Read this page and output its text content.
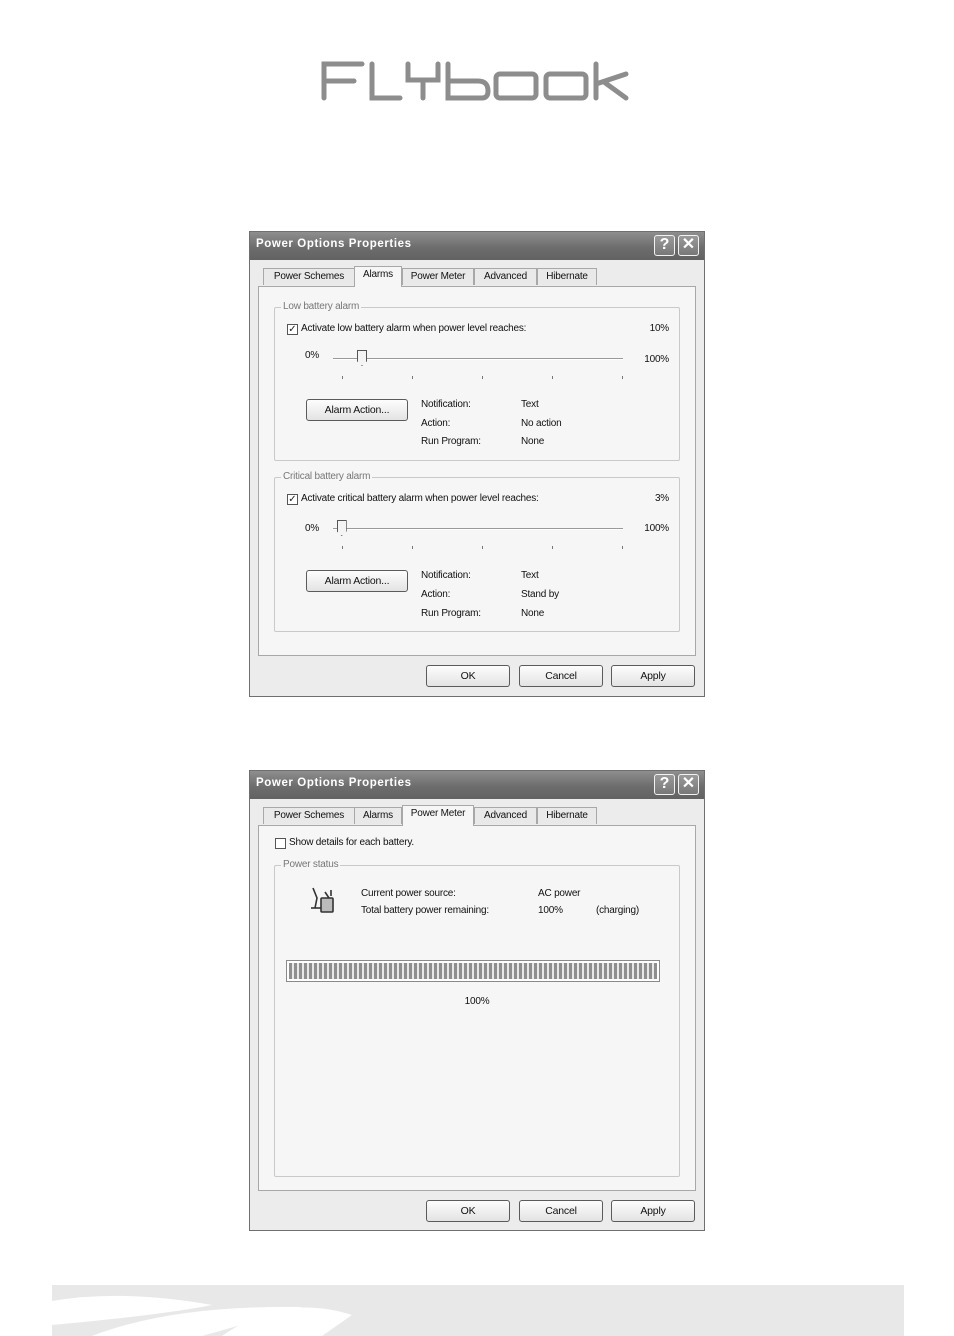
Power Options Properties	? ✕
Power Schemes	Alarms	Power Meter	Advanced	Hibernate
Low battery alarm
✓ Activate low battery alarm when power level reaches:	10%
0%	100%
Alarm Action...	Notification:	Text
Action:	No action
Run Program:	None
Critical battery alarm
✓ Activate critical battery alarm when power level reaches:	3%
0%	100%
Alarm Action...	Notification:	Text
Action:	Stand by
Run Program:	None
OK	Cancel	Apply
Power Options Properties	? ✕
Power Schemes	Alarms	Power Meter	Advanced	Hibernate
Show details for each battery.
Power status
Current power source:	AC power
Total battery power remaining:	100%	(charging)
100%
OK	Cancel	Apply
